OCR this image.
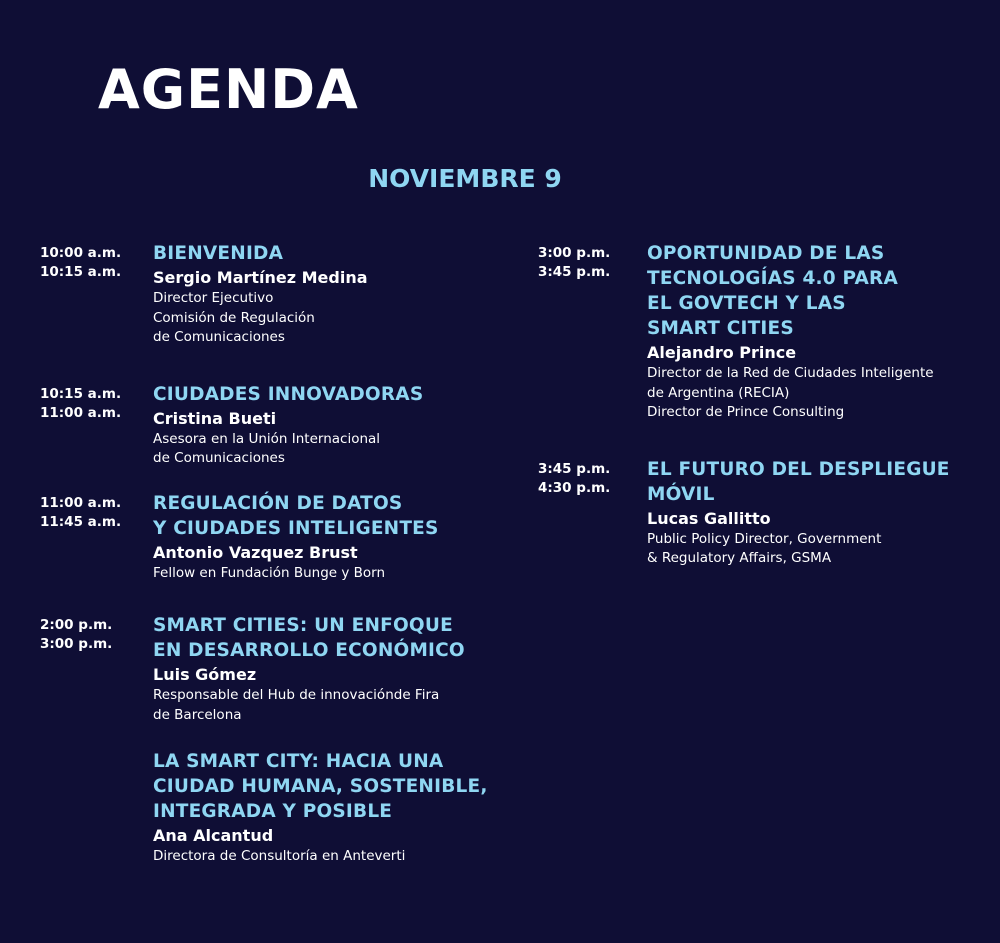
AGENDA
NOVIEMBRE 9
10:00 a.m.
10:15 a.m.
BIENVENIDA
Sergio Martínez Medina
Director Ejecutivo
Comisión de Regulación
de Comunicaciones
10:15 a.m.
11:00 a.m.
CIUDADES INNOVADORAS
Cristina Bueti
Asesora en la Unión Internacional
de Comunicaciones
11:00 a.m.
11:45 a.m.
REGULACIÓN DE DATOS
Y CIUDADES INTELIGENTES
Antonio Vazquez Brust
Fellow en Fundación Bunge y Born
2:00 p.m.
3:00 p.m.
SMART CITIES: UN ENFOQUE
EN DESARROLLO ECONÓMICO
Luis Gómez
Responsable del Hub de innovaciónde Fira
de Barcelona
LA SMART CITY: HACIA UNA
CIUDAD HUMANA, SOSTENIBLE,
INTEGRADA Y POSIBLE
Ana Alcantud
Directora de Consultoría en Anteverti
3:00 p.m.
3:45 p.m.
OPORTUNIDAD DE LAS
TECNOLOGÍAS 4.0 PARA
EL GOVTECH Y LAS
SMART CITIES
Alejandro Prince
Director de la Red de Ciudades Inteligente
de Argentina (RECIA)
Director de Prince Consulting
3:45 p.m.
4:30 p.m.
EL FUTURO DEL DESPLIEGUE
MÓVIL
Lucas Gallitto
Public Policy Director, Government
& Regulatory Affairs, GSMA
